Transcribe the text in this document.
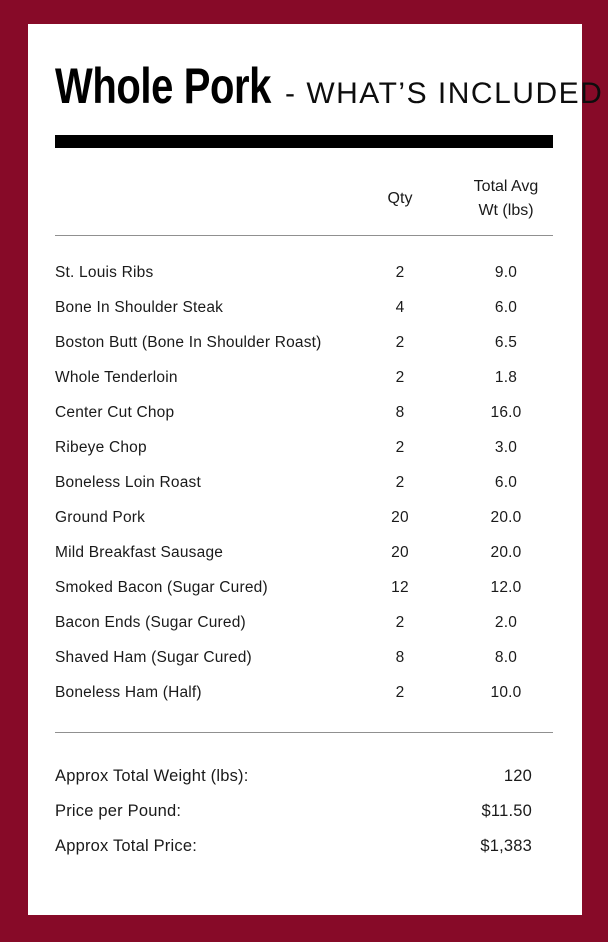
Whole Pork - WHAT’S INCLUDED
Qty
Total Avg
Wt (lbs)
St. Louis Ribs	2	9.0
Bone In Shoulder Steak	4	6.0
Boston Butt (Bone In Shoulder Roast)	2	6.5
Whole Tenderloin	2	1.8
Center Cut Chop	8	16.0
Ribeye Chop	2	3.0
Boneless Loin Roast	2	6.0
Ground Pork	20	20.0
Mild Breakfast Sausage	20	20.0
Smoked Bacon (Sugar Cured)	12	12.0
Bacon Ends (Sugar Cured)	2	2.0
Shaved Ham (Sugar Cured)	8	8.0
Boneless Ham (Half)	2	10.0
Approx Total Weight (lbs):	120
Price per Pound:	$11.50
Approx Total Price:	$1,383
